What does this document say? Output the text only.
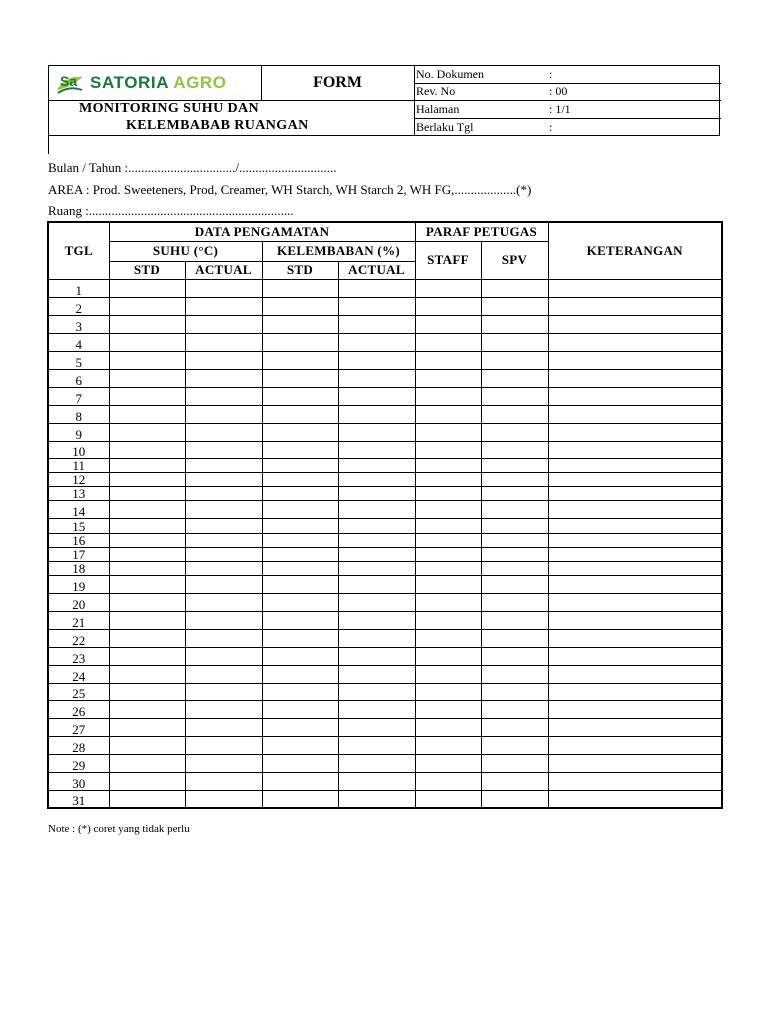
Sa SATORIA AGRO	FORM
MONITORING SUHU DAN
KELEMBABAB RUANGAN
No. Dokumen	:
Rev. No	: 00
Halaman	: 1/1
Berlaku Tgl	:
Bulan / Tahun :................................./..............................
AREA : Prod. Sweeteners, Prod, Creamer, WH Starch, WH Starch 2, WH FG,...................(*)
Ruang :...............................................................
TGL	DATA PENGAMATAN				PARAF PETUGAS		KETERANGAN
	SUHU (°C)		KELEMBABAN (%)		STAFF	SPV	
	STD	ACTUAL	STD	ACTUAL			
1							
2							
3							
4							
5							
6							
7							
8							
9							
10							
11							
12							
13							
14							
15							
16							
17							
18							
19							
20							
21							
22							
23							
24							
25							
26							
27							
28							
29							
30							
31							
Note : (*) coret yang tidak perlu
